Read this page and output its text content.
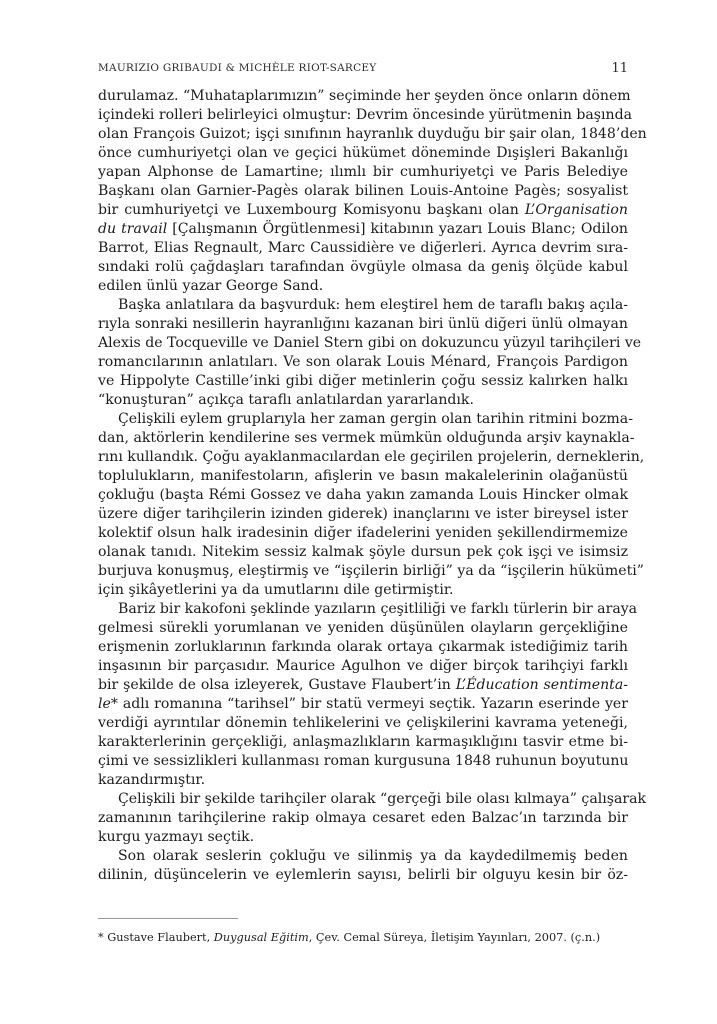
MAURIZIO GRIBAUDI & MICHÈLE RIOT-SARCEY	11

durulamaz. “Muhataplarımızın” seçiminde her şeyden önce onların dönem
içindeki rolleri belirleyici olmuştur: Devrim öncesinde yürütmenin başında
olan François Guizot; işçi sınıfının hayranlık duyduğu bir şair olan, 1848’den
önce cumhuriyetçi olan ve geçici hükümet döneminde Dışişleri Bakanlığı
yapan Alphonse de Lamartine; ılımlı bir cumhuriyetçi ve Paris Belediye
Başkanı olan Garnier-Pagès olarak bilinen Louis-Antoine Pagès; sosyalist
bir cumhuriyetçi ve Luxembourg Komisyonu başkanı olan L’Organisation
du travail [Çalışmanın Örgütlenmesi] kitabının yazarı Louis Blanc; Odilon
Barrot, Elias Regnault, Marc Caussidière ve diğerleri. Ayrıca devrim sıra-
sındaki rolü çağdaşları tarafından övgüyle olmasa da geniş ölçüde kabul
edilen ünlü yazar George Sand.

Başka anlatılara da başvurduk: hem eleştirel hem de taraflı bakış açıla-
rıyla sonraki nesillerin hayranlığını kazanan biri ünlü diğeri ünlü olmayan
Alexis de Tocqueville ve Daniel Stern gibi on dokuzuncu yüzyıl tarihçileri ve
romancılarının anlatıları. Ve son olarak Louis Ménard, François Pardigon
ve Hippolyte Castille’inki gibi diğer metinlerin çoğu sessiz kalırken halkı
“konuşturan” açıkça taraflı anlatılardan yararlandık.

Çelişkili eylem gruplarıyla her zaman gergin olan tarihin ritmini bozma-
dan, aktörlerin kendilerine ses vermek mümkün olduğunda arşiv kaynakla-
rını kullandık. Çoğu ayaklanmacılardan ele geçirilen projelerin, derneklerin,
toplulukların, manifestoların, afişlerin ve basın makalelerinin olağanüstü
çokluğu (başta Rémi Gossez ve daha yakın zamanda Louis Hincker olmak
üzere diğer tarihçilerin izinden giderek) inançlarını ve ister bireysel ister
kolektif olsun halk iradesinin diğer ifadelerini yeniden şekillendirmemize
olanak tanıdı. Nitekim sessiz kalmak şöyle dursun pek çok işçi ve isimsiz
burjuva konuşmuş, eleştirmiş ve “işçilerin birliği” ya da “işçilerin hükümeti”
için şikâyetlerini ya da umutlarını dile getirmiştir.

Bariz bir kakofoni şeklinde yazıların çeşitliliği ve farklı türlerin bir araya
gelmesi sürekli yorumlanan ve yeniden düşünülen olayların gerçekliğine
erişmenin zorluklarının farkında olarak ortaya çıkarmak istediğimiz tarih
inşasının bir parçasıdır. Maurice Agulhon ve diğer birçok tarihçiyi farklı
bir şekilde de olsa izleyerek, Gustave Flaubert’in L’Éducation sentimenta-
le* adlı romanına “tarihsel” bir statü vermeyi seçtik. Yazarın eserinde yer
verdiği ayrıntılar dönemin tehlikelerini ve çelişkilerini kavrama yeteneği,
karakterlerinin gerçekliği, anlaşmazlıkların karmaşıklığını tasvir etme bi-
çimi ve sessizlikleri kullanması roman kurgusuna 1848 ruhunun boyutunu
kazandırmıştır.

Çelişkili bir şekilde tarihçiler olarak “gerçeği bile olası kılmaya” çalışarak
zamanının tarihçilerine rakip olmaya cesaret eden Balzac’ın tarzında bir
kurgu yazmayı seçtik.

Son olarak seslerin çokluğu ve silinmiş ya da kaydedilmemiş beden
dilinin, düşüncelerin ve eylemlerin sayısı, belirli bir olguyu kesin bir öz-

* Gustave Flaubert, Duygusal Eğitim, Çev. Cemal Süreya, İletişim Yayınları, 2007. (ç.n.)
